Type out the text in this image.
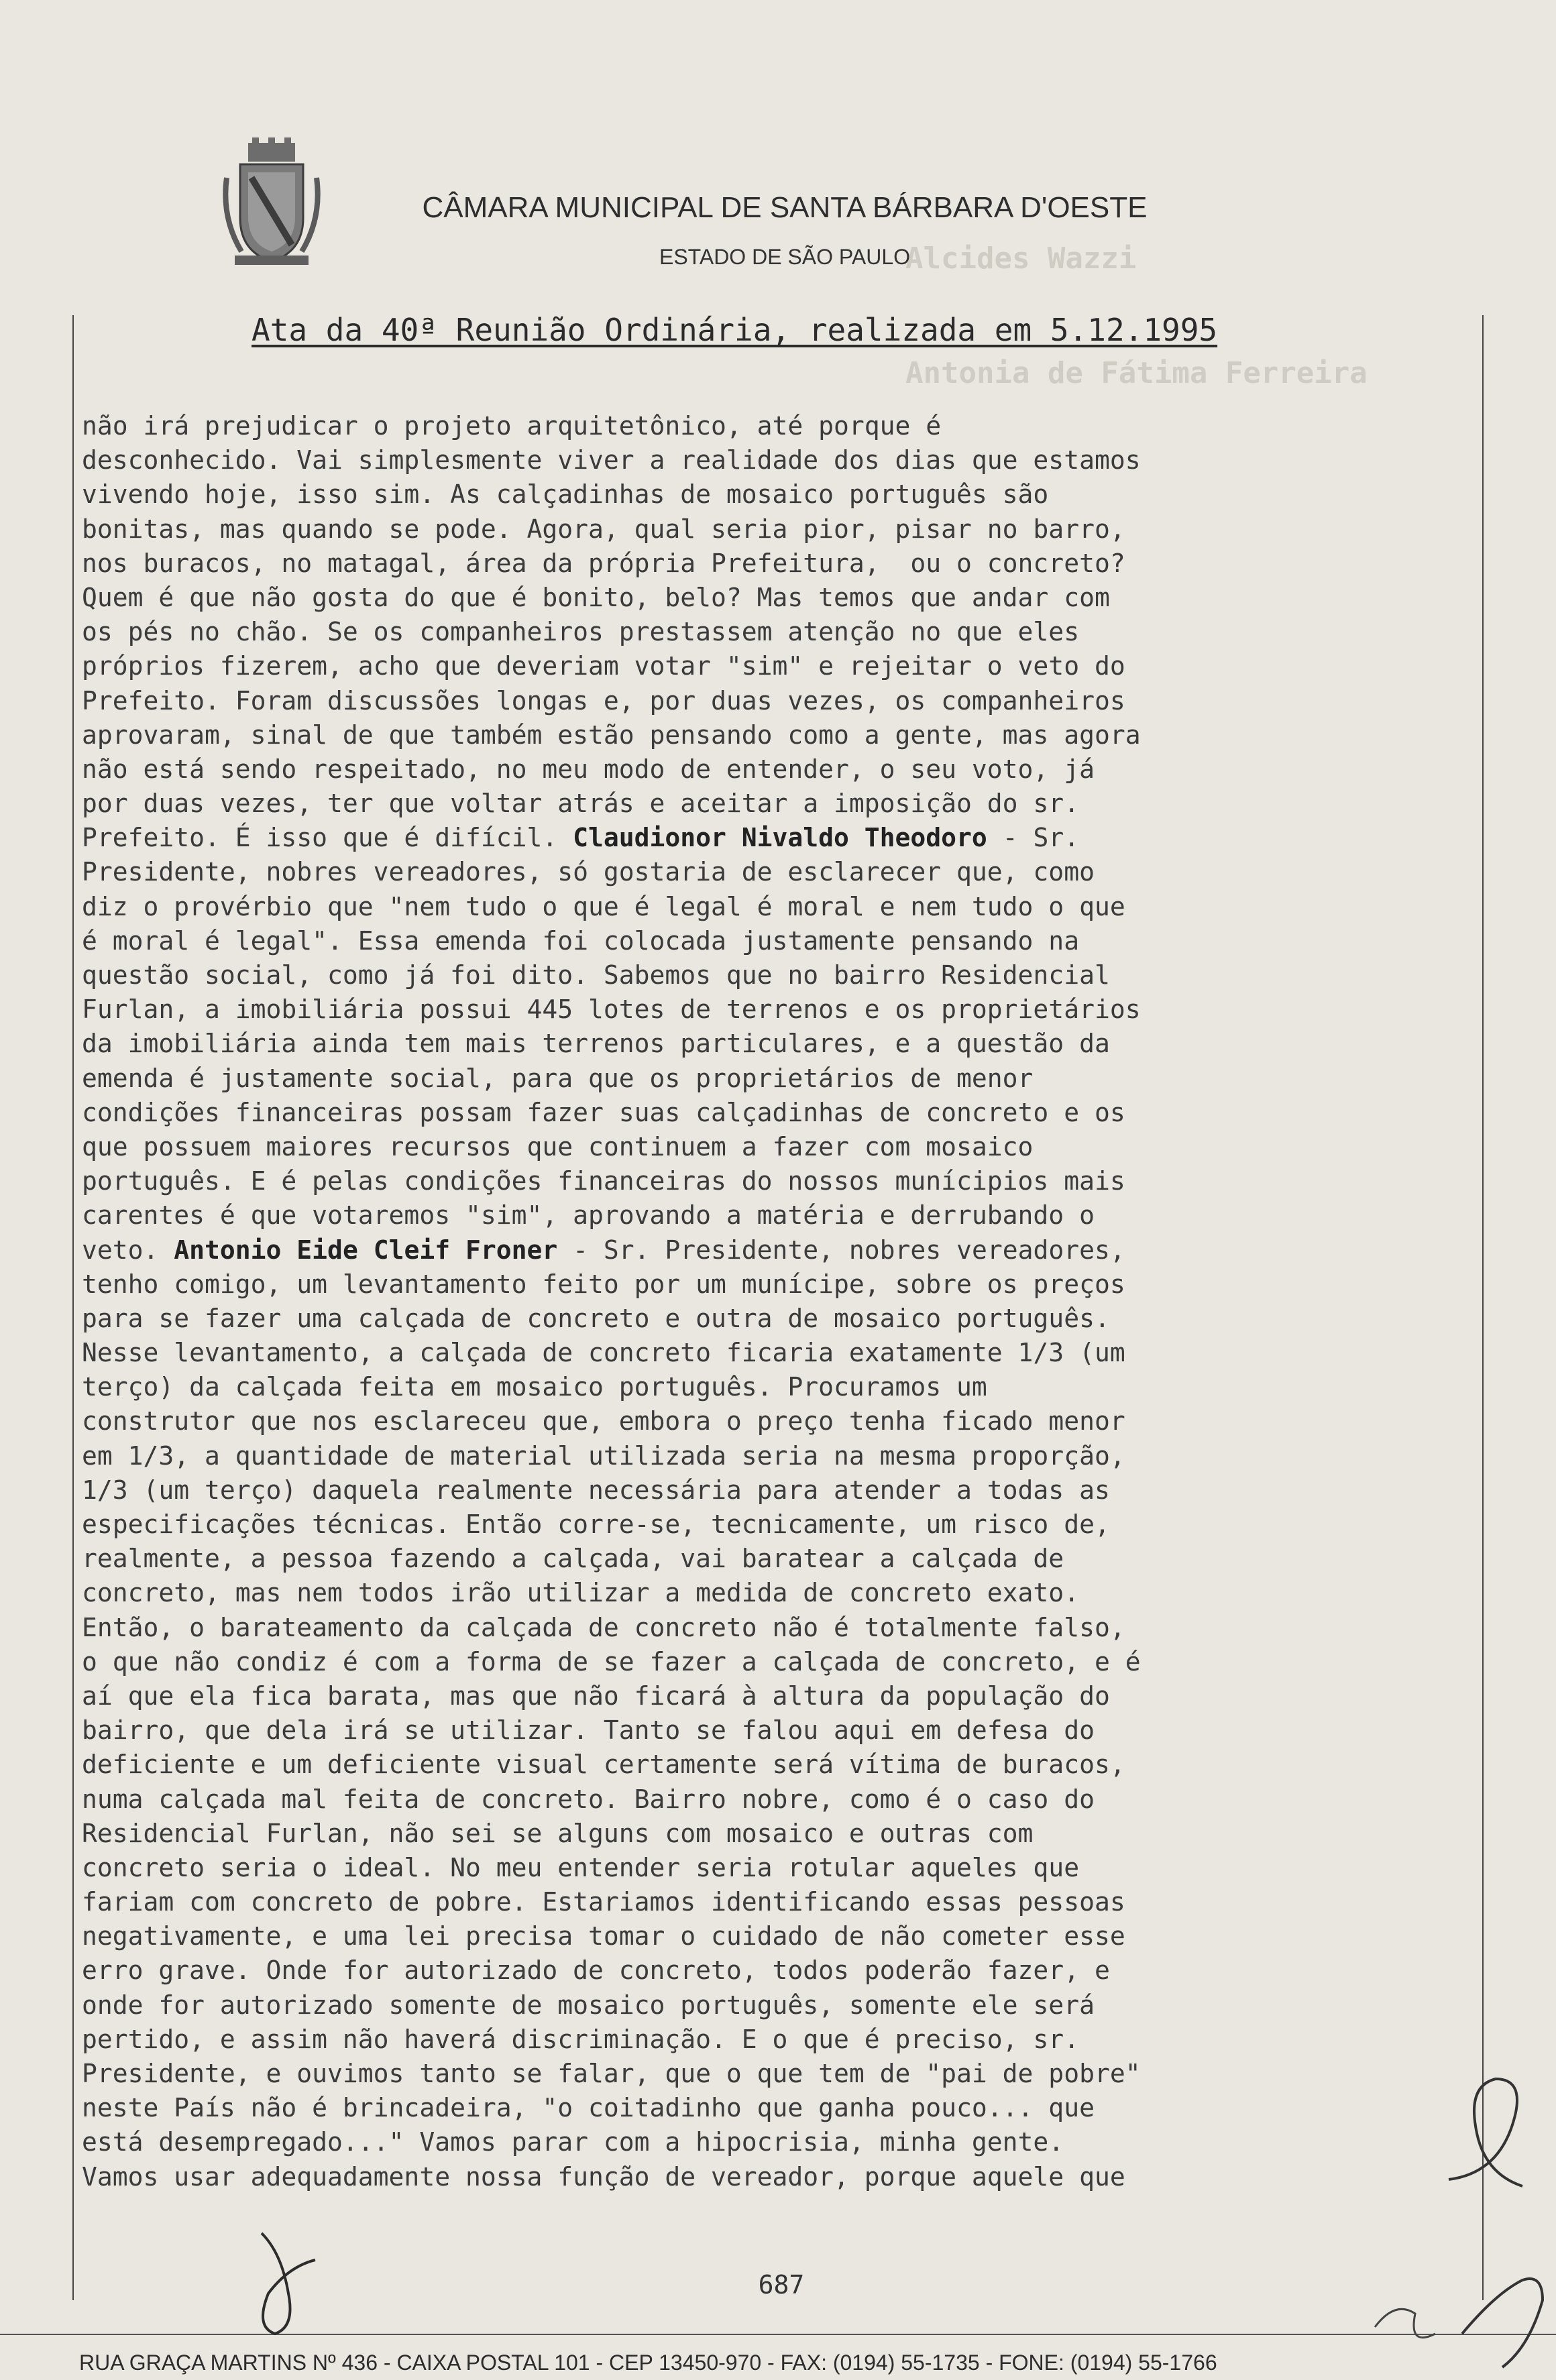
Alcides Wazzi
Antonia de Fátima Ferreira
CÂMARA MUNICIPAL DE SANTA BÁRBARA D'OESTE
ESTADO DE SÃO PAULO
Ata da 40ª Reunião Ordinária, realizada em 5.12.1995
não irá prejudicar o projeto arquitetônico, até porque é
desconhecido. Vai simplesmente viver a realidade dos dias que estamos
vivendo hoje, isso sim. As calçadinhas de mosaico português são
bonitas, mas quando se pode. Agora, qual seria pior, pisar no barro,
nos buracos, no matagal, área da própria Prefeitura,  ou o concreto?
Quem é que não gosta do que é bonito, belo? Mas temos que andar com
os pés no chão. Se os companheiros prestassem atenção no que eles
próprios fizerem, acho que deveriam votar "sim" e rejeitar o veto do
Prefeito. Foram discussões longas e, por duas vezes, os companheiros
aprovaram, sinal de que também estão pensando como a gente, mas agora
não está sendo respeitado, no meu modo de entender, o seu voto, já
por duas vezes, ter que voltar atrás e aceitar a imposição do sr.
Prefeito. É isso que é difícil. Claudionor Nivaldo Theodoro - Sr.
Presidente, nobres vereadores, só gostaria de esclarecer que, como
diz o provérbio que "nem tudo o que é legal é moral e nem tudo o que
é moral é legal". Essa emenda foi colocada justamente pensando na
questão social, como já foi dito. Sabemos que no bairro Residencial
Furlan, a imobiliária possui 445 lotes de terrenos e os proprietários
da imobiliária ainda tem mais terrenos particulares, e a questão da
emenda é justamente social, para que os proprietários de menor
condições financeiras possam fazer suas calçadinhas de concreto e os
que possuem maiores recursos que continuem a fazer com mosaico
português. E é pelas condições financeiras do nossos munícipios mais
carentes é que votaremos "sim", aprovando a matéria e derrubando o
veto. Antonio Eide Cleif Froner - Sr. Presidente, nobres vereadores,
tenho comigo, um levantamento feito por um munícipe, sobre os preços
para se fazer uma calçada de concreto e outra de mosaico português.
Nesse levantamento, a calçada de concreto ficaria exatamente 1/3 (um
terço) da calçada feita em mosaico português. Procuramos um
construtor que nos esclareceu que, embora o preço tenha ficado menor
em 1/3, a quantidade de material utilizada seria na mesma proporção,
1/3 (um terço) daquela realmente necessária para atender a todas as
especificações técnicas. Então corre-se, tecnicamente, um risco de,
realmente, a pessoa fazendo a calçada, vai baratear a calçada de
concreto, mas nem todos irão utilizar a medida de concreto exato.
Então, o barateamento da calçada de concreto não é totalmente falso,
o que não condiz é com a forma de se fazer a calçada de concreto, e é
aí que ela fica barata, mas que não ficará à altura da população do
bairro, que dela irá se utilizar. Tanto se falou aqui em defesa do
deficiente e um deficiente visual certamente será vítima de buracos,
numa calçada mal feita de concreto. Bairro nobre, como é o caso do
Residencial Furlan, não sei se alguns com mosaico e outras com
concreto seria o ideal. No meu entender seria rotular aqueles que
fariam com concreto de pobre. Estariamos identificando essas pessoas
negativamente, e uma lei precisa tomar o cuidado de não cometer esse
erro grave. Onde for autorizado de concreto, todos poderão fazer, e
onde for autorizado somente de mosaico português, somente ele será
pertido, e assim não haverá discriminação. E o que é preciso, sr.
Presidente, e ouvimos tanto se falar, que o que tem de "pai de pobre"
neste País não é brincadeira, "o coitadinho que ganha pouco... que
está desempregado..." Vamos parar com a hipocrisia, minha gente.
Vamos usar adequadamente nossa função de vereador, porque aquele que
687
RUA GRAÇA MARTINS Nº 436 - CAIXA POSTAL 101 - CEP 13450-970 - FAX: (0194) 55-1735 - FONE: (0194) 55-1766
